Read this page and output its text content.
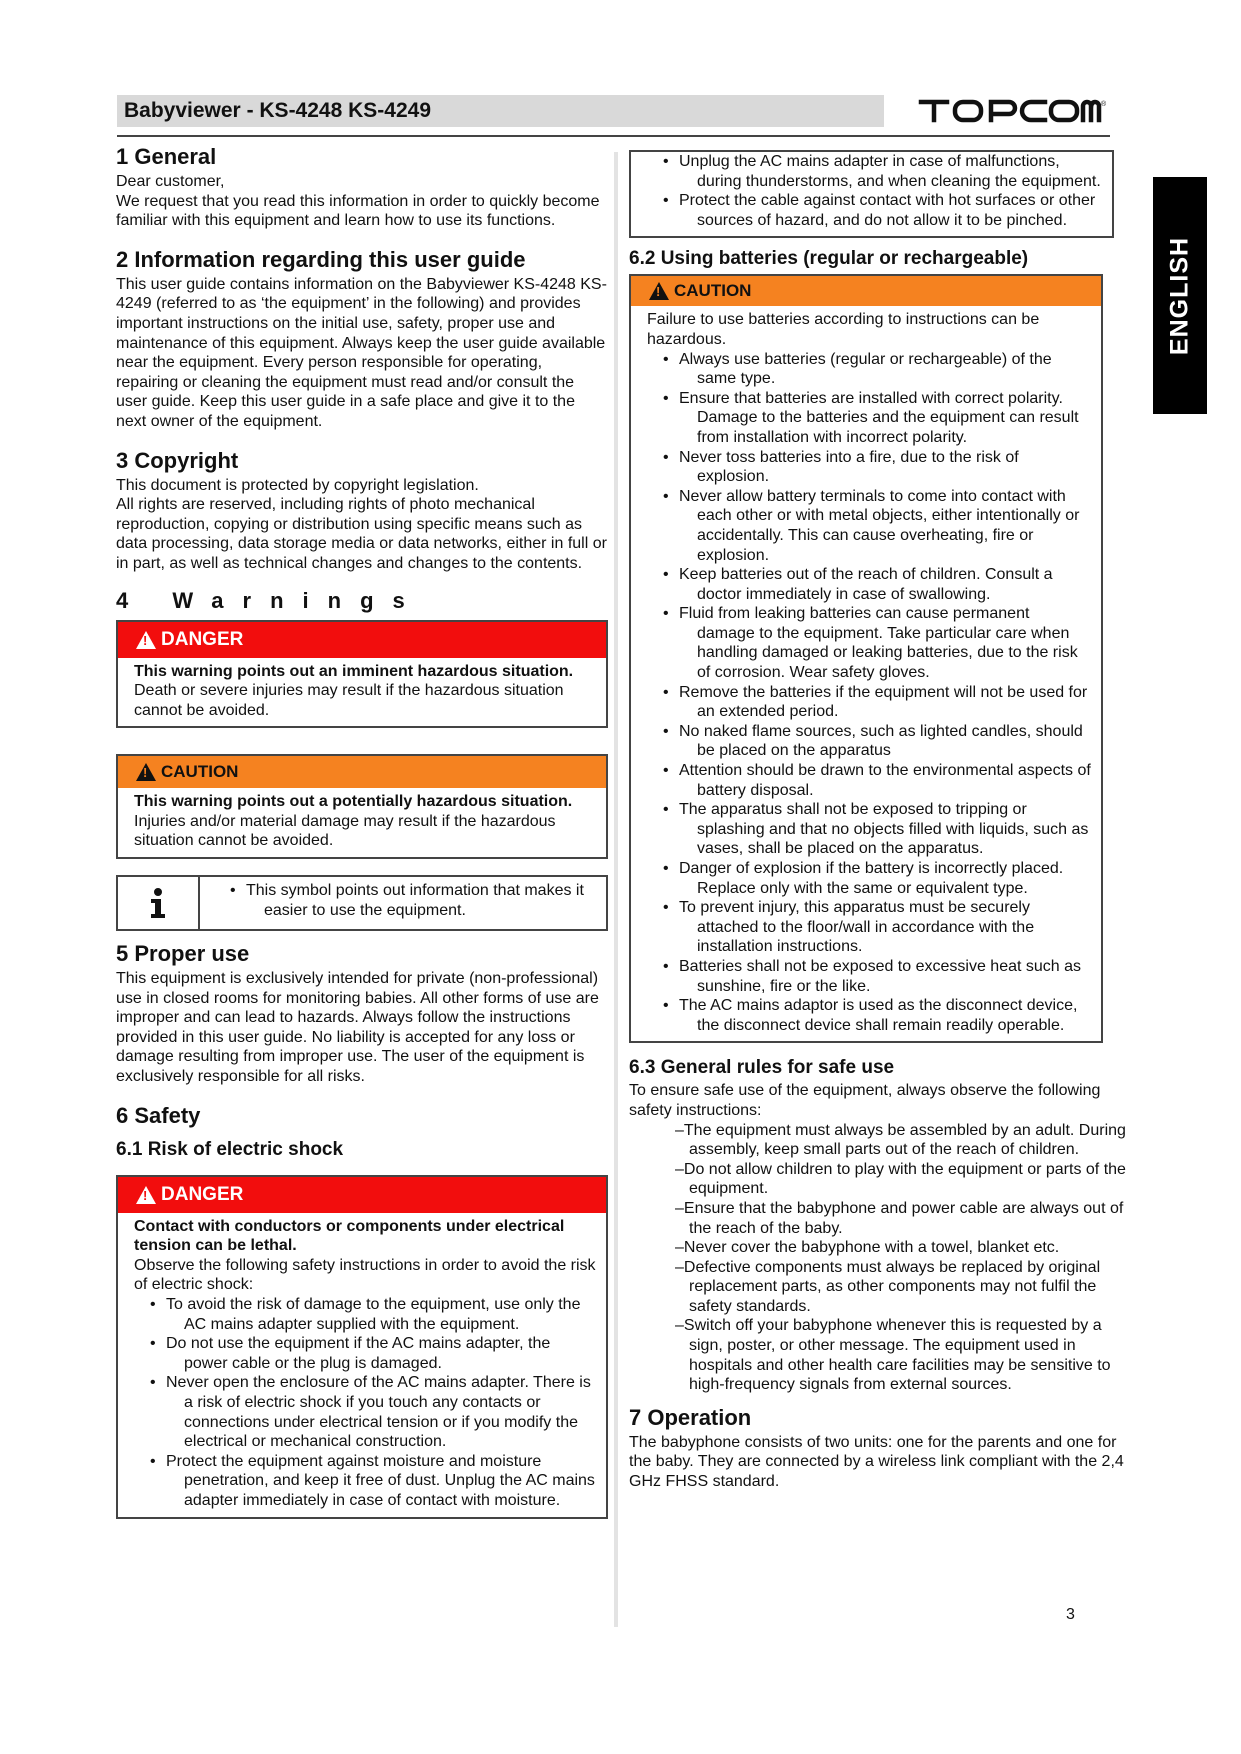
Babyviewer - KS-4248 KS-4249	®
ENGLISH
1 General

Dear customer,

We request that you read this information in order to quickly become familiar with this equipment and learn how to use its functions.

2 Information regarding this user guide

This user guide contains information on the Babyviewer KS-4248 KS-4249 (referred to as ‘the equipment’ in the following) and provides important instructions on the initial use, safety, proper use and maintenance of this equipment. Always keep the user guide available near the equipment. Every person responsible for operating, repairing or cleaning the equipment must read and/or consult the user guide. Keep this user guide in a safe place and give it to the next owner of the equipment.

3 Copyright

This document is protected by copyright legislation.

All rights are reserved, including rights of photo mechanical reproduction, copying or distribution using specific means such as data processing, data storage media or data networks, either in full or in part, as well as technical changes and changes to the contents.

4 Warnings
!
DANGER

This warning points out an imminent hazardous situation.

Death or severe injuries may result if the hazardous situation cannot be avoided.

!
CAUTION

This warning points out a potentially hazardous situation.

Injuries and/or material damage may result if the hazardous situation cannot be avoided.

• This symbol points out information that makes it easier to use the equipment.
5 Proper use

This equipment is exclusively intended for private (non-professional) use in closed rooms for monitoring babies. All other forms of use are improper and can lead to hazards. Always follow the instructions provided in this user guide. No liability is accepted for any loss or damage resulting from improper use. The user of the equipment is exclusively responsible for all risks.

6 Safety
6.1 Risk of electric shock
!
DANGER

Contact with conductors or components under electrical tension can be lethal.

Observe the following safety instructions in order to avoid the risk of electric shock:

• To avoid the risk of damage to the equipment, use only the AC mains adapter supplied with the equipment.
• Do not use the equipment if the AC mains adapter, the power cable or the plug is damaged.
• Never open the enclosure of the AC mains adapter. There is a risk of electric shock if you touch any contacts or connections under electrical tension or if you modify the electrical or mechanical construction.
• Protect the equipment against moisture and moisture penetration, and keep it free of dust. Unplug the AC mains adapter immediately in case of contact with moisture.
• Unplug the AC mains adapter in case of malfunctions, during thunderstorms, and when cleaning the equipment.
• Protect the cable against contact with hot surfaces or other sources of hazard, and do not allow it to be pinched.
6.2 Using batteries (regular or rechargeable)
!
CAUTION

Failure to use batteries according to instructions can be hazardous.

• Always use batteries (regular or rechargeable) of the same type.
• Ensure that batteries are installed with correct polarity. Damage to the batteries and the equipment can result from installation with incorrect polarity.
• Never toss batteries into a fire, due to the risk of explosion.
• Never allow battery terminals to come into contact with each other or with metal objects, either intentionally or accidentally. This can cause overheating, fire or explosion.
• Keep batteries out of the reach of children. Consult a doctor immediately in case of swallowing.
• Fluid from leaking batteries can cause permanent damage to the equipment. Take particular care when handling damaged or leaking batteries, due to the risk of corrosion. Wear safety gloves.
• Remove the batteries if the equipment will not be used for an extended period.
• No naked flame sources, such as lighted candles, should be placed on the apparatus
• Attention should be drawn to the environmental aspects of battery disposal.
• The apparatus shall not be exposed to tripping or splashing and that no objects filled with liquids, such as vases, shall be placed on the apparatus.
• Danger of explosion if the battery is incorrectly placed. Replace only with the same or equivalent type.
• To prevent injury, this apparatus must be securely attached to the floor/wall in accordance with the installation instructions.
• Batteries shall not be exposed to excessive heat such as sunshine, fire or the like.
• The AC mains adaptor is used as the disconnect device, the disconnect device shall remain readily operable.
6.3 General rules for safe use

To ensure safe use of the equipment, always observe the following safety instructions:

– The equipment must always be assembled by an adult. During assembly, keep small parts out of the reach of children.
– Do not allow children to play with the equipment or parts of the equipment.
– Ensure that the babyphone and power cable are always out of the reach of the baby.
– Never cover the babyphone with a towel, blanket etc.
– Defective components must always be replaced by original replacement parts, as other components may not fulfil the safety standards.
– Switch off your babyphone whenever this is requested by a sign, poster, or other message. The equipment used in hospitals and other health care facilities may be sensitive to high-frequency signals from external sources.
7 Operation

The babyphone consists of two units: one for the parents and one for the baby. They are connected by a wireless link compliant with the 2,4 GHz FHSS standard.

3
